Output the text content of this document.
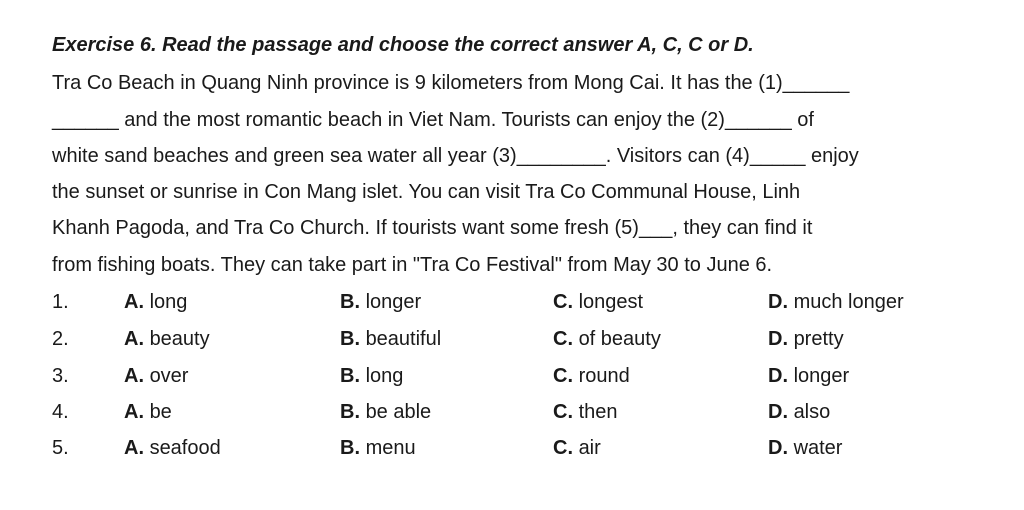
Exercise 6. Read the passage and choose the correct answer A, C, C or D.
Tra Co Beach in Quang Ninh province is 9 kilometers from Mong Cai. It has the (1)______
______ and the most romantic beach in Viet Nam. Tourists can enjoy the (2)______ of
white sand beaches and green sea water all year (3)________. Visitors can (4)_____ enjoy
the sunset or sunrise in Con Mang islet. You can visit Tra Co Communal House, Linh
Khanh Pagoda, and Tra Co Church. If tourists want some fresh (5)___, they can find it
from fishing boats. They can take part in "Tra Co Festival" from May 30 to June 6.
1.	A. long	B. longer	C. longest	D. much longer
2.	A. beauty	B. beautiful	C. of beauty	D. pretty
3.	A. over	B. long	C. round	D. longer
4.	A. be	B. be able	C. then	D. also
5.	A. seafood	B. menu	C. air	D. water
